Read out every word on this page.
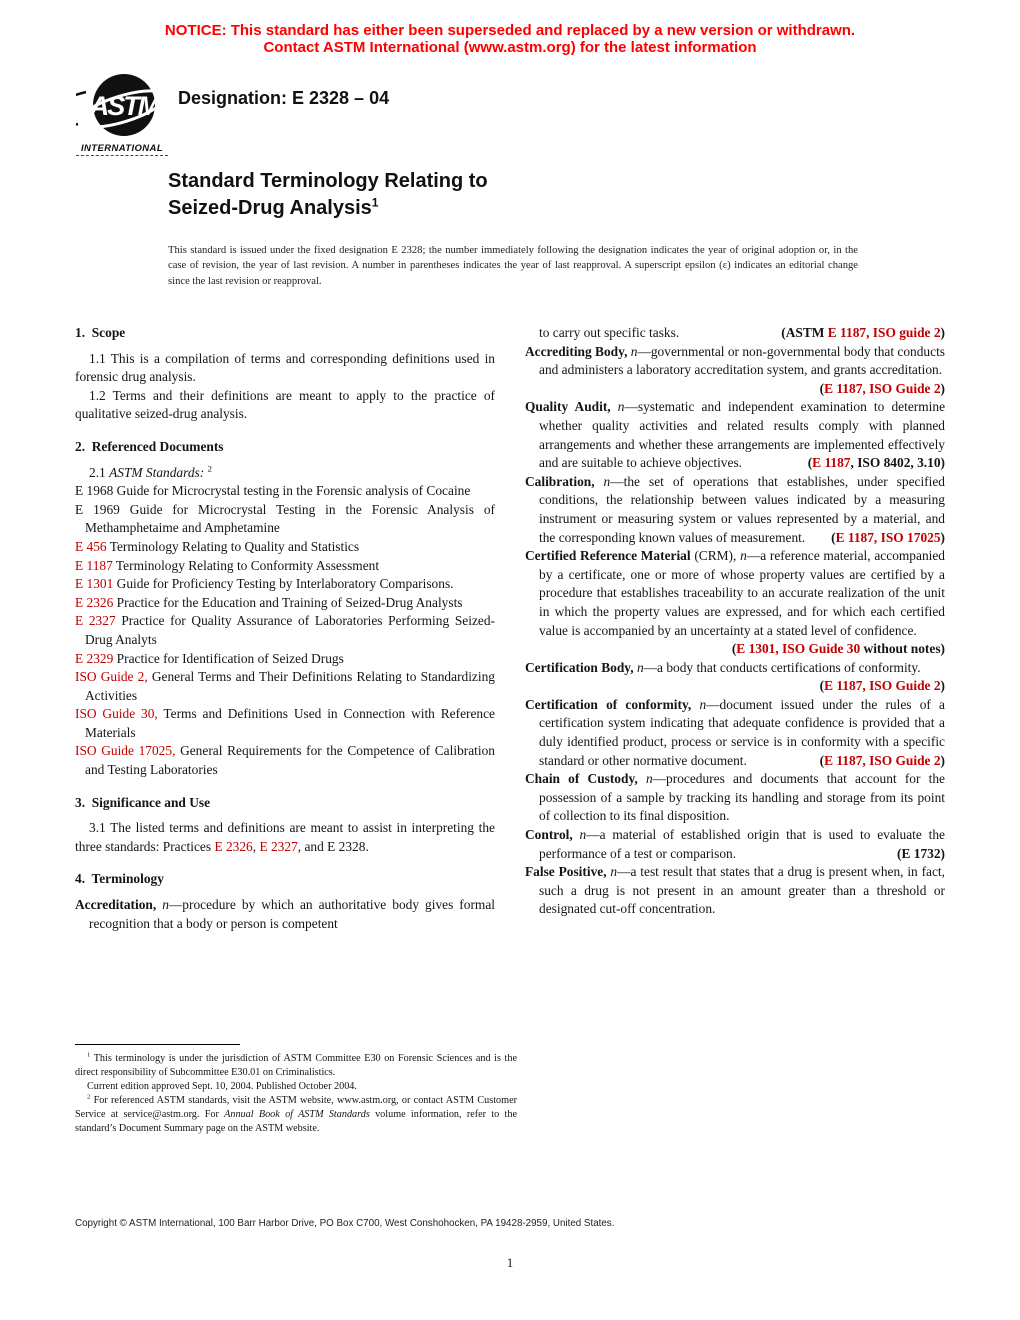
NOTICE: This standard has either been superseded and replaced by a new version or withdrawn.
Contact ASTM International (www.astm.org) for the latest information
ASTM
INTERNATIONAL
Designation: E 2328 – 04
Standard Terminology Relating to
Seized-Drug Analysis$^1$
This standard is issued under the fixed designation E 2328; the number immediately following the designation indicates the year of original adoption or, in the case of revision, the year of last revision. A number in parentheses indicates the year of last reapproval. A superscript epsilon (ε) indicates an editorial change since the last revision or reapproval.
1.  Scope
1.1 This is a compilation of terms and corresponding definitions used in forensic drug analysis.
1.2 Terms and their definitions are meant to apply to the practice of qualitative seized-drug analysis.
2.  Referenced Documents
2.1 ASTM Standards: $^2$
E 1968 Guide for Microcrystal testing in the Forensic analysis of Cocaine
E 1969 Guide for Microcrystal Testing in the Forensic Analysis of Methamphetaime and Amphetamine
E 456 Terminology Relating to Quality and Statistics
E 1187 Terminology Relating to Conformity Assessment
E 1301 Guide for Proficiency Testing by Interlaboratory Comparisons.
E 2326 Practice for the Education and Training of Seized-Drug Analysts
E 2327 Practice for Quality Assurance of Laboratories Performing Seized-Drug Analyts
E 2329 Practice for Identification of Seized Drugs
ISO Guide 2, General Terms and Their Definitions Relating to Standardizing Activities
ISO Guide 30, Terms and Definitions Used in Connection with Reference Materials
ISO Guide 17025, General Requirements for the Competence of Calibration and Testing Laboratories
3.  Significance and Use
3.1 The listed terms and definitions are meant to assist in interpreting the three standards: Practices E 2326, E 2327, and E 2328.
4.  Terminology
Accreditation, n—procedure by which an authoritative body gives formal recognition that a body or person is competent
to carry out specific tasks.	(ASTM E 1187, ISO guide 2)
Accrediting Body, n—governmental or non-governmental body that conducts and administers a laboratory accreditation system, and grants accreditation.
(E 1187, ISO Guide 2)
Quality Audit, n—systematic and independent examination to determine whether quality activities and related results comply with planned arrangements and whether these arrangements are implemented effectively and are suitable to achieve objectives.	(E 1187, ISO 8402, 3.10)
Calibration, n—the set of operations that establishes, under specified conditions, the relationship between values indicated by a measuring instrument or measuring system or values represented by a material, and the corresponding known values of measurement. (E 1187, ISO 17025)
Certified Reference Material (CRM), n—a reference material, accompanied by a certificate, one or more of whose property values are certified by a procedure that establishes traceability to an accurate realization of the unit in which the property values are expressed, and for which each certified value is accompanied by an uncertainty at a stated level of confidence.
(E 1301, ISO Guide 30 without notes)
Certification Body, n—a body that conducts certifications of conformity.
(E 1187, ISO Guide 2)
Certification of conformity, n—document issued under the rules of a certification system indicating that adequate confidence is provided that a duly identified product, process or service is in conformity with a specific standard or other normative document.	(E 1187, ISO Guide 2)
Chain of Custody, n—procedures and documents that account for the possession of a sample by tracking its handling and storage from its point of collection to its final disposition.
Control, n—a material of established origin that is used to evaluate the performance of a test or comparison.	(E 1732)
False Positive, n—a test result that states that a drug is present when, in fact, such a drug is not present in an amount greater than a threshold or designated cut-off concentration.
$^1$ This terminology is under the jurisdiction of ASTM Committee E30 on Forensic Sciences and is the direct responsibility of Subcommittee E30.01 on Criminalistics.
Current edition approved Sept. 10, 2004. Published October 2004.
$^2$ For referenced ASTM standards, visit the ASTM website, www.astm.org, or contact ASTM Customer Service at service@astm.org. For Annual Book of ASTM Standards volume information, refer to the standard’s Document Summary page on the ASTM website.
Copyright © ASTM International, 100 Barr Harbor Drive, PO Box C700, West Conshohocken, PA 19428-2959, United States.
1
